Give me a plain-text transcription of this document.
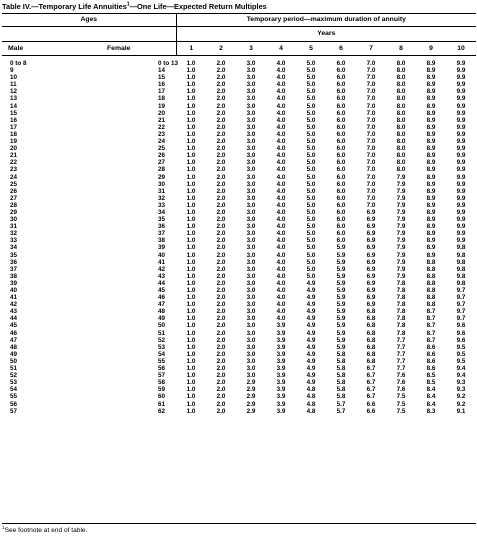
Table IV.—Temporary Life Annuities$^1$—One Life—Expected Return Multiples
Ages		Temporary period—maximum duration of annuity									
		Years									
Male	Female	1	2	3	4	5	6	7	8	9	10
0 to 8	0 to 13	1.0	2.0	3.0	4.0	5.0	6.0	7.0	8.0	8.9	9.9
9	14	1.0	2.0	3.0	4.0	5.0	6.0	7.0	8.0	8.9	9.9
10	15	1.0	2.0	3.0	4.0	5.0	6.0	7.0	8.0	8.9	9.9
11	16	1.0	2.0	3.0	4.0	5.0	6.0	7.0	8.0	8.9	9.9
12	17	1.0	2.0	3.0	4.0	5.0	6.0	7.0	8.0	8.9	9.9
13	18	1.0	2.0	3.0	4.0	5.0	6.0	7.0	8.0	8.9	9.9
14	19	1.0	2.0	3.0	4.0	5.0	6.0	7.0	8.0	8.9	9.9
15	20	1.0	2.0	3.0	4.0	5.0	6.0	7.0	8.0	8.9	9.9
16	21	1.0	2.0	3.0	4.0	5.0	6.0	7.0	8.0	8.9	9.9
17	22	1.0	2.0	3.0	4.0	5.0	6.0	7.0	8.0	8.9	9.9
18	23	1.0	2.0	3.0	4.0	5.0	6.0	7.0	8.0	8.9	9.9
19	24	1.0	2.0	3.0	4.0	5.0	6.0	7.0	8.0	8.9	9.9
20	25	1.0	2.0	3.0	4.0	5.0	6.0	7.0	8.0	8.9	9.9
21	26	1.0	2.0	3.0	4.0	5.0	6.0	7.0	8.0	8.9	9.9
22	27	1.0	2.0	3.0	4.0	5.0	6.0	7.0	8.0	8.9	9.9
23	28	1.0	2.0	3.0	4.0	5.0	6.0	7.0	8.0	8.9	9.9
24	29	1.0	2.0	3.0	4.0	5.0	6.0	7.0	7.9	8.9	9.9
25	30	1.0	2.0	3.0	4.0	5.0	6.0	7.0	7.9	8.9	9.9
26	31	1.0	2.0	3.0	4.0	5.0	6.0	7.0	7.9	8.9	9.9
27	32	1.0	2.0	3.0	4.0	5.0	6.0	7.0	7.9	8.9	9.9
28	33	1.0	2.0	3.0	4.0	5.0	6.0	7.0	7.9	8.9	9.9
29	34	1.0	2.0	3.0	4.0	5.0	6.0	6.9	7.9	8.9	9.9
30	35	1.0	2.0	3.0	4.0	5.0	6.0	6.9	7.9	8.9	9.9
31	36	1.0	2.0	3.0	4.0	5.0	6.0	6.9	7.9	8.9	9.9
32	37	1.0	2.0	3.0	4.0	5.0	6.0	6.9	7.9	8.9	9.9
33	38	1.0	2.0	3.0	4.0	5.0	6.0	6.9	7.9	8.9	9.9
34	39	1.0	2.0	3.0	4.0	5.0	5.9	6.9	7.9	8.9	9.8
35	40	1.0	2.0	3.0	4.0	5.0	5.9	6.9	7.9	8.9	9.8
36	41	1.0	2.0	3.0	4.0	5.0	5.9	6.9	7.9	8.8	9.8
37	42	1.0	2.0	3.0	4.0	5.0	5.9	6.9	7.9	8.8	9.8
38	43	1.0	2.0	3.0	4.0	5.0	5.9	6.9	7.9	8.8	9.8
39	44	1.0	2.0	3.0	4.0	4.9	5.9	6.9	7.8	8.8	9.8
40	45	1.0	2.0	3.0	4.0	4.9	5.9	6.9	7.8	8.8	9.7
41	46	1.0	2.0	3.0	4.0	4.9	5.9	6.9	7.8	8.8	9.7
42	47	1.0	2.0	3.0	4.0	4.9	5.9	6.9	7.8	8.8	9.7
43	48	1.0	2.0	3.0	4.0	4.9	5.9	6.8	7.8	8.7	9.7
44	49	1.0	2.0	3.0	4.0	4.9	5.9	6.8	7.8	8.7	9.7
45	50	1.0	2.0	3.0	3.9	4.9	5.9	6.8	7.8	8.7	9.6
46	51	1.0	2.0	3.0	3.9	4.9	5.9	6.8	7.8	8.7	9.6
47	52	1.0	2.0	3.0	3.9	4.9	5.9	6.8	7.7	8.7	9.6
48	53	1.0	2.0	3.0	3.9	4.9	5.9	6.8	7.7	8.6	9.5
49	54	1.0	2.0	3.0	3.9	4.9	5.8	6.8	7.7	8.6	9.5
50	55	1.0	2.0	3.0	3.9	4.9	5.8	6.8	7.7	8.6	9.5
51	56	1.0	2.0	3.0	3.9	4.9	5.8	6.7	7.7	8.6	9.4
52	57	1.0	2.0	3.0	3.9	4.9	5.8	6.7	7.6	8.5	9.4
53	58	1.0	2.0	2.9	3.9	4.9	5.8	6.7	7.6	8.5	9.3
54	59	1.0	2.0	2.9	3.9	4.8	5.8	6.7	7.6	8.4	9.3
55	60	1.0	2.0	2.9	3.9	4.8	5.8	6.7	7.5	8.4	9.2
56	61	1.0	2.0	2.9	3.9	4.8	5.7	6.6	7.5	8.4	9.2
57	62	1.0	2.0	2.9	3.9	4.8	5.7	6.6	7.5	8.3	9.1
$^1$See footnote at end of table.
